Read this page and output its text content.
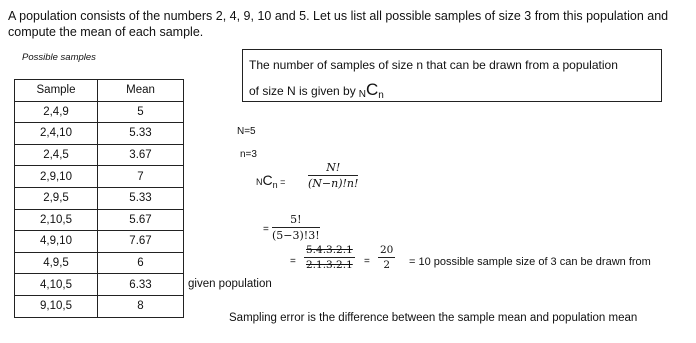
A population consists of the numbers 2, 4, 9, 10 and 5. Let us list all possible samples of size 3 from this population and
compute the mean of each sample.
Possible samples
Sample	Mean
2,4,9	5
2,4,10	5.33
2,4,5	3.67
2,9,10	7
2,9,5	5.33
2,10,5	5.67
4,9,10	7.67
4,9,5	6
4,10,5	6.33
9,10,5	8
The number of samples of size n that can be drawn from a population
of size N is given by $NC_n$
N=5
n=3
NCn = $\frac{N!}{(N-n)!n!}$
= $\frac{5!}{(5-3)!3!}$
= $\frac{5.4.3.2.1}{2.1.3.2.1} = \frac{20}{2} = 10$ possible sample size of 3 can be drawn from
given population
Sampling error is the difference between the sample mean and population mean
